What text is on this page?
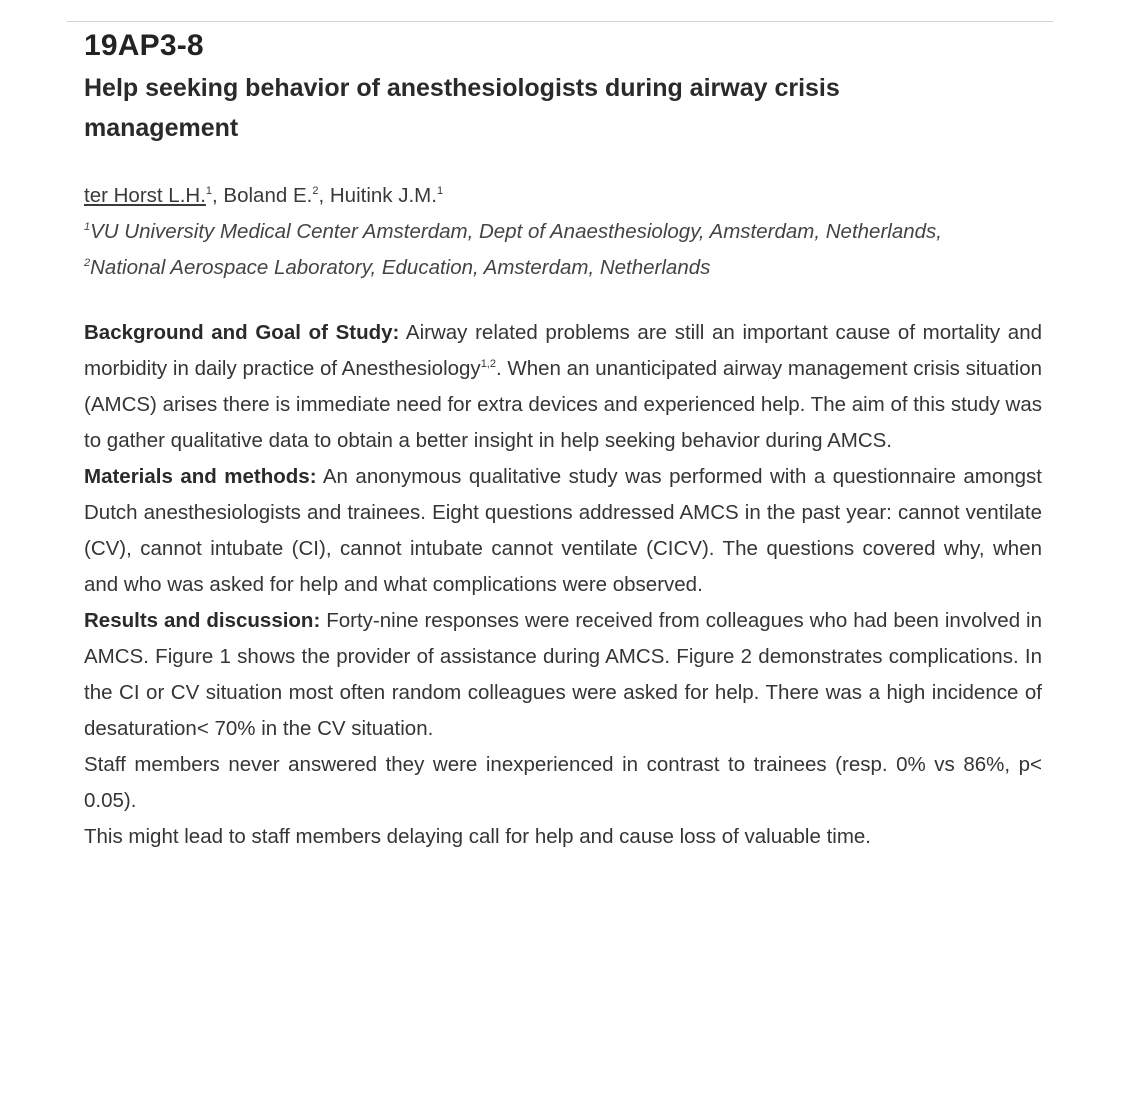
19AP3-8
Help seeking behavior of anesthesiologists during airway crisis management
ter Horst L.H.$^1$, Boland E.$^2$, Huitink J.M.$^1$
$^1$VU University Medical Center Amsterdam, Dept of Anaesthesiology, Amsterdam, Netherlands, $^2$National Aerospace Laboratory, Education, Amsterdam, Netherlands

Background and Goal of Study: Airway related problems are still an important cause of mortality and morbidity in daily practice of Anesthesiology$^{1,2}$. When an unanticipated airway management crisis situation (AMCS) arises there is immediate need for extra devices and experienced help. The aim of this study was to gather qualitative data to obtain a better insight in help seeking behavior during AMCS.

Materials and methods: An anonymous qualitative study was performed with a questionnaire amongst Dutch anesthesiologists and trainees. Eight questions addressed AMCS in the past year: cannot ventilate (CV), cannot intubate (CI), cannot intubate cannot ventilate (CICV). The questions covered why, when and who was asked for help and what complications were observed.

Results and discussion: Forty-nine responses were received from colleagues who had been involved in AMCS. Figure 1 shows the provider of assistance during AMCS. Figure 2 demonstrates complications. In the CI or CV situation most often random colleagues were asked for help. There was a high incidence of desaturation< 70% in the CV situation.

Staff members never answered they were inexperienced in contrast to trainees (resp. 0% vs 86%, p< 0.05).

This might lead to staff members delaying call for help and cause loss of valuable time.
